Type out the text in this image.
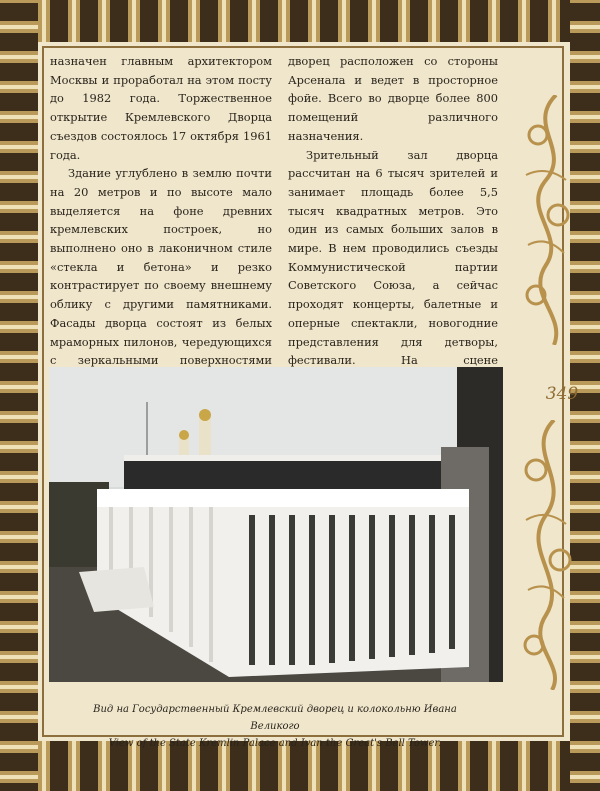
349

назначен главным архитектором Москвы и проработал на этом посту до 1982 года. Торжественное открытие Кремлевского Дворца съездов состоялось 17 октября 1961 года.

Здание углублено в землю почти на 20 метров и по высоте мало выделяется на фоне древних кремлевских построек, но выполнено оно в лаконичном стиле «стекла и бетона» и резко контрастирует по своему внешнему облику с другими памятниками. Фасады дворца состоят из белых мраморных пилонов, чередующихся с зеркальными поверхностями

дворец расположен со стороны Арсенала и ведет в просторное фойе. Всего во дворце более 800 помещений различного назначения.

Зрительный зал дворца рассчитан на 6 тысяч зрителей и занимает площадь более 5,5 тысяч квадратных метров. Это один из самых больших залов в мире. В нем проводились съезды Коммунистической партии Советского Союза, а сейчас проходят концерты, балетные и оперные спектакли, новогодние представления для детворы, фестивали. На сцене

Вид на Государственный Кремлевский дворец и колокольню Ивана Великого
View of the State Kremlin Palace and Ivan the Great's Bell Tower.
